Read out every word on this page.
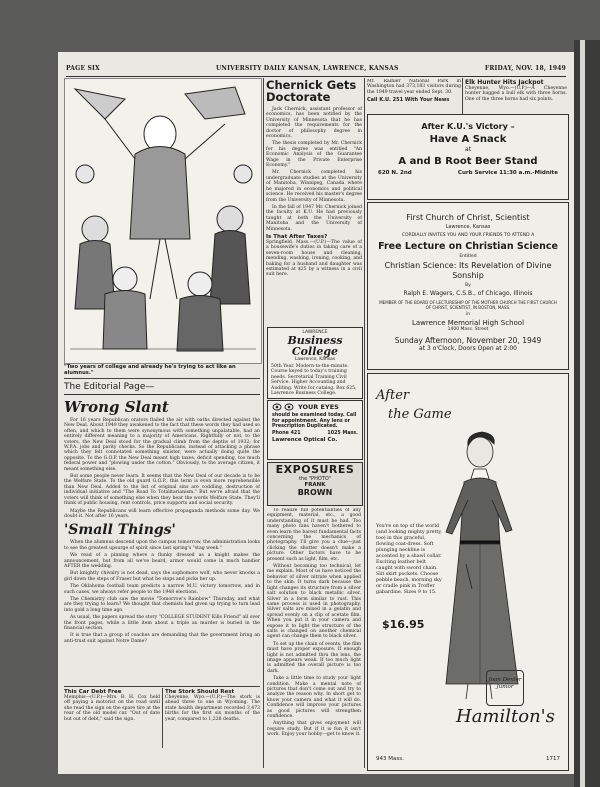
PAGE SIX	UNIVERSITY DAILY KANSAN, LAWRENCE, KANSAS	FRIDAY, NOV. 18, 1949
"Two years of college and already he's trying to act like an alumnus."
The Editorial Page—
Wrong Slant

For 16 years Republican orators flailed the air with oaths directed against the New Deal. About 1949 they awakened to the fact that these words they had used so often, and which to them were synonymous with something unpalatable, had an entirely different meaning to a majority of Americans. Rightfully or not, to the voters, the New Deal stood for the gradual climb from the depths of 1932; for W.P.A. jobs and parity checks. So the Republicans, instead of attacking a phrase which they felt connotated something sinister, were actually doing quite the opposite. To the G.O.P. the New Deal meant high taxes, deficit spending, too much federal power and "plowing under the cotton." Obviously, to the average citizen, it meant something else.

But some people never learn. It seems that the New Deal of our decade is to be the Welfare State. To the old guard G.O.P., this term is even more reprehensible than New Deal. Added to the list of original sins are coddling, destruction of individual initiative and "The Road To Totalitarianism." But we're afraid that the voters will think of something else when they hear the words Welfare State. They'll think of public housing, rent controls, price supports and social security.

Maybe the Republicans will learn effective propaganda methods some day. We doubt it. Not after 16 years.

'Small Things'

When the alumnus descend upon the campus tomorrow, the administration looks to see the greatest upsurge of spirit since last spring's "stag week."

We read of a pinning where a flunky dressed as a knight makes the announcement, but from all we've heard, armor would come in much handier AFTER the wedding.

But knightly chivalry is not dead, says the sophomore wolf, who never knocks a girl down the steps of Fraser but what he stops and picks her up.

The Oklahoma football team predicts a narrow M.U. victory tomorrow, and in such cases, we always refer people to the 1948 elections.

The Chemistry club saw the movie "Tomorrow's Rainbow" Thursday, and what are they trying to learn? We thought that chemists had given up trying to turn lead into gold a long time ago.

As usual, the papers spread the story "COLLEGE STUDENT Kills Friend" all over the front pages, while a little item about a triple ax murder is buried in the financial section.

It is true that a group of coaches are demanding that the government bring an anti-trust suit against Notre Dame?

This Car Debt Free
Memphis—(U.P.)—Mrs. B. H. Cox held off paying a motorist on the road until she read the sign on the spare tire at the rear of the old model car. "Out of date but out of debt," said the sign.
The Stork Should Rest
Cheyenne, Wyo.—(U.P.)—The stork is ahead three to one in Wyoming. The state health department recorded 3,473 births for the first six months of the year, compared to 1,228 deaths.
Chernick Gets Doctorate

Jack Chernick, assistant professor of economics, has been notified by the University of Minnesota that he has completed the requirements for the doctor of philosophy degree in economics.

The thesis completed by Mr. Chernick for his degree was entitled "An Economic Analysis of the Guarantee Wage in the Private Enterprise Economy."

Mr. Chernick completed his undergraduate studies at the University of Manitoba, Winnipeg, Canada where he majored in economics and political science. He received his master's degree from the University of Minnesota.

In the fall of 1947 Mr. Chernick joined the faculty at K.U. He had previously taught at both the University of Manitoba and the University of Minnesota.

Is That After Taxes?
Springfield, Mass.—(U.P.)—The value of a housewife's duties in taking care of a seven-room house and cleaning, mending, washing, ironing, cooking, and baking for a husband and daughter was estimated at $25 by a witness in a civil suit here.
LAWRENCE
Business College
Lawrence, Kansas
50th Year. Modern-to-the-minute. Course keyed to today's training needs. Secretarial Training Civil Service. Higher Accounting and Auditing. Write for catalog. Box 625, Lawrence Business College.
YOUR EYES
should be examined today. Call for appointment. Any lens or Prescription Duplicated.
Phone 421	1025 Mass.
Lawrence Optical Co.
EXPOSURES
the "PHOTO"
FRANK
BROWN

To realize full potentialities of any equipment, material, etc., a good understanding of it must be had. Too many photo fans haven't bothered to even learn the barest fundamental facts concerning the mechanics of photography. I'll give you a clue—just clicking the shutter doesn't make a picture. Other factors have to be present such as light, film, etc.

Without becoming too technical, let me explain. Most of us have noticed the behavior of silver nitrate when applied to the skin. It turns dark because the light changes its structure from a silver salt solution to black metallic silver. Silver in a form similar to rust. This same process is used in photography. Silver salts are mixed in a gelatin and spread evenly on a clip of acetate film. When you put it in your camera and expose it to light the structure of the salts is changed on another chemical agent can change them to black silver.

To set up the chain of events, the film must have proper exposure. If enough light is not admitted thru the lens, the image appears weak. If too much light is admitted the overall picture is too dark.

Take a little time to study your light condition. Make a mental note of pictures that don't come out and try to analyze the reason why. In short get to know your camera and what it will do. Confidence will improve your pictures as good pictures will strengthen confidence.

Anything that gives enjoyment will require study. But if it is fun it isn't work. Enjoy your hobby—get to know it.

Mt. Rainier National Park in Washington had 373,183 visitors during the 1949 travel year ended Sept. 30.
Call K.U. 251 With Your News
Elk Hunter Hits Jackpot
Cheyenne, Wyo.—(U.P.)—A Cheyenne hunter bagged a bull elk with three horns. One of the three horns had six points.
After K.U.'s Victory –
Have A Snack
at
A and B Root Beer Stand
620 N. 2nd	Curb Service 11:30 a.m.-Midnite
First Church of Christ, Scientist
Lawrence, Kansas
CORDIALLY INVITES YOU AND YOUR FRIENDS TO ATTEND A
Free Lecture on Christian Science
Entitled
Christian Science: Its Revelation of Divine Sonship
By
Ralph E. Wagers, C.S.B., of Chicago, Illinois
MEMBER OF THE BOARD OF LECTURESHIP OF THE MOTHER CHURCH THE FIRST CHURCH OF CHRIST, SCIENTIST, IN BOSTON, MASS.
in
Lawrence Memorial High School
1400 Mass. Street
Sunday Afternoon, November 20, 1949
at 3 o'Clock, Doors Open at 2:00
After
the Game
You're on top of the world (and looking mighty pretty, too) in this graceful, flowing coat-dress. Soft plunging neckline is accented by a shawl collar. Exciting leather belt caught with sword chain. Slit skirt pockets. Choose pebble beach, morning sky or cradle pink in Troffer gabardine. Sizes 9 to 15.
$16.95
Joan Dexter Junior
Hamilton's
943 Mass.	1717
